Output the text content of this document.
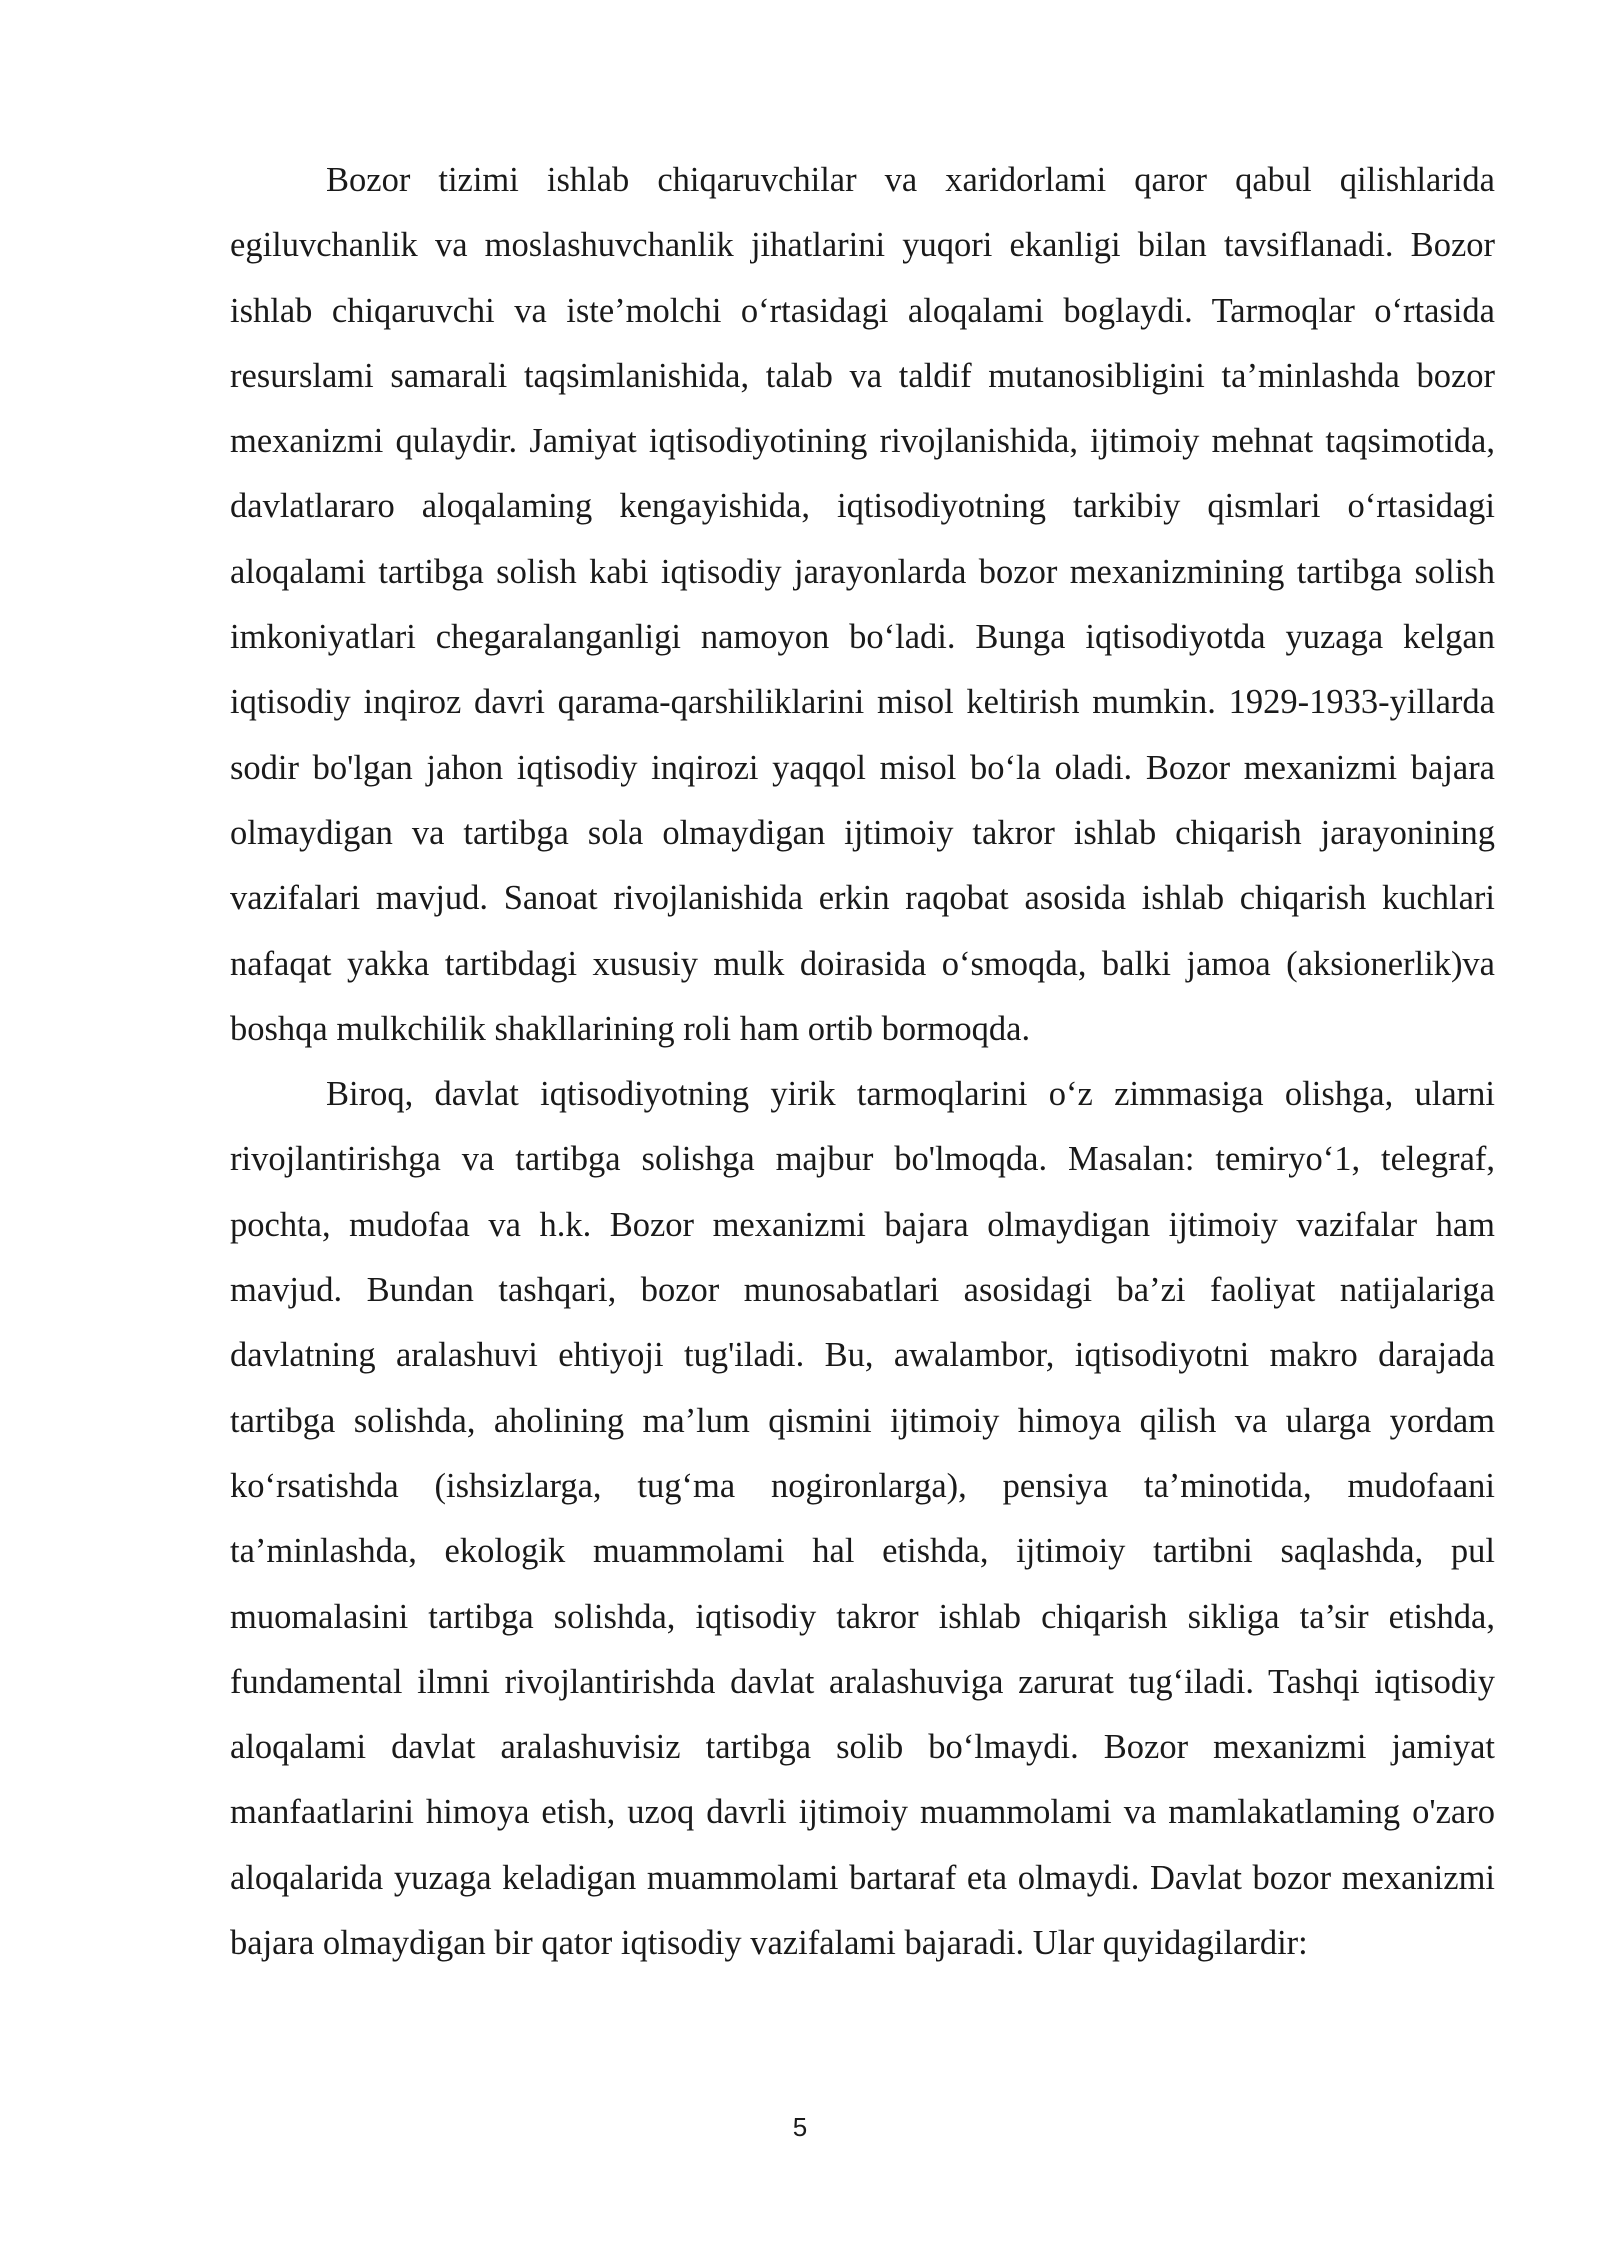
Bozor tizimi ishlab chiqaruvchilar va xaridorlami qaror qabul qilishlarida egiluvchanlik va moslashuvchanlik jihatlarini yuqori ekanligi bilan tavsiflanadi. Bozor ishlab chiqaruvchi va iste’molchi o‘rtasidagi aloqalami boglaydi. Tarmoqlar o‘rtasida resurslami samarali taqsimlanishida, talab va taldif mutanosibligini ta’minlashda bozor mexanizmi qulaydir. Jamiyat iqtisodiyotining rivojlanishida, ijtimoiy mehnat taqsimotida, davlatlararo aloqalaming kengayishida, iqtisodiyotning tarkibiy qismlari o‘rtasidagi aloqalami tartibga solish kabi iqtisodiy jarayonlarda bozor mexanizmining tartibga solish imkoniyatlari chegaralanganligi namoyon bo‘ladi. Bunga iqtisodiyotda yuzaga kelgan iqtisodiy inqiroz davri qarama-qarshiliklarini misol keltirish mumkin. 1929-1933-yillarda sodir bo'lgan jahon iqtisodiy inqirozi yaqqol misol bo‘la oladi. Bozor mexanizmi bajara olmaydigan va tartibga sola olmaydigan ijtimoiy takror ishlab chiqarish jarayonining vazifalari mavjud. Sanoat rivojlanishida erkin raqobat asosida ishlab chiqarish kuchlari nafaqat yakka tartibdagi xususiy mulk doirasida o‘smoqda, balki jamoa (aksionerlik)va boshqa mulkchilik shakllarining roli ham ortib bormoqda.

Biroq, davlat iqtisodiyotning yirik tarmoqlarini o‘z zimmasiga olishga, ularni rivojlantirishga va tartibga solishga majbur bo'lmoqda. Masalan: temiryo‘1, telegraf, pochta, mudofaa va h.k. Bozor mexanizmi bajara olmaydigan ijtimoiy vazifalar ham mavjud. Bundan tashqari, bozor munosabatlari asosidagi ba’zi faoliyat natijalariga davlatning aralashuvi ehtiyoji tug'iladi. Bu, awalambor, iqtisodiyotni makro darajada tartibga solishda, aholining ma’lum qismini ijtimoiy himoya qilish va ularga yordam ko‘rsatishda (ishsizlarga, tug‘ma nogironlarga), pensiya ta’minotida, mudofaani ta’minlashda, ekologik muammolami hal etishda, ijtimoiy tartibni saqlashda, pul muomalasini tartibga solishda, iqtisodiy takror ishlab chiqarish sikliga ta’sir etishda, fundamental ilmni rivojlantirishda davlat aralashuviga zarurat tug‘iladi. Tashqi iqtisodiy aloqalami davlat aralashuvisiz tartibga solib bo‘lmaydi. Bozor mexanizmi jamiyat manfaatlarini himoya etish, uzoq davrli ijtimoiy muammolami va mamlakatlaming o'zaro aloqalarida yuzaga keladigan muammolami bartaraf eta olmaydi. Davlat bozor mexanizmi bajara olmaydigan bir qator iqtisodiy vazifalami bajaradi. Ular quyidagilardir:

5
